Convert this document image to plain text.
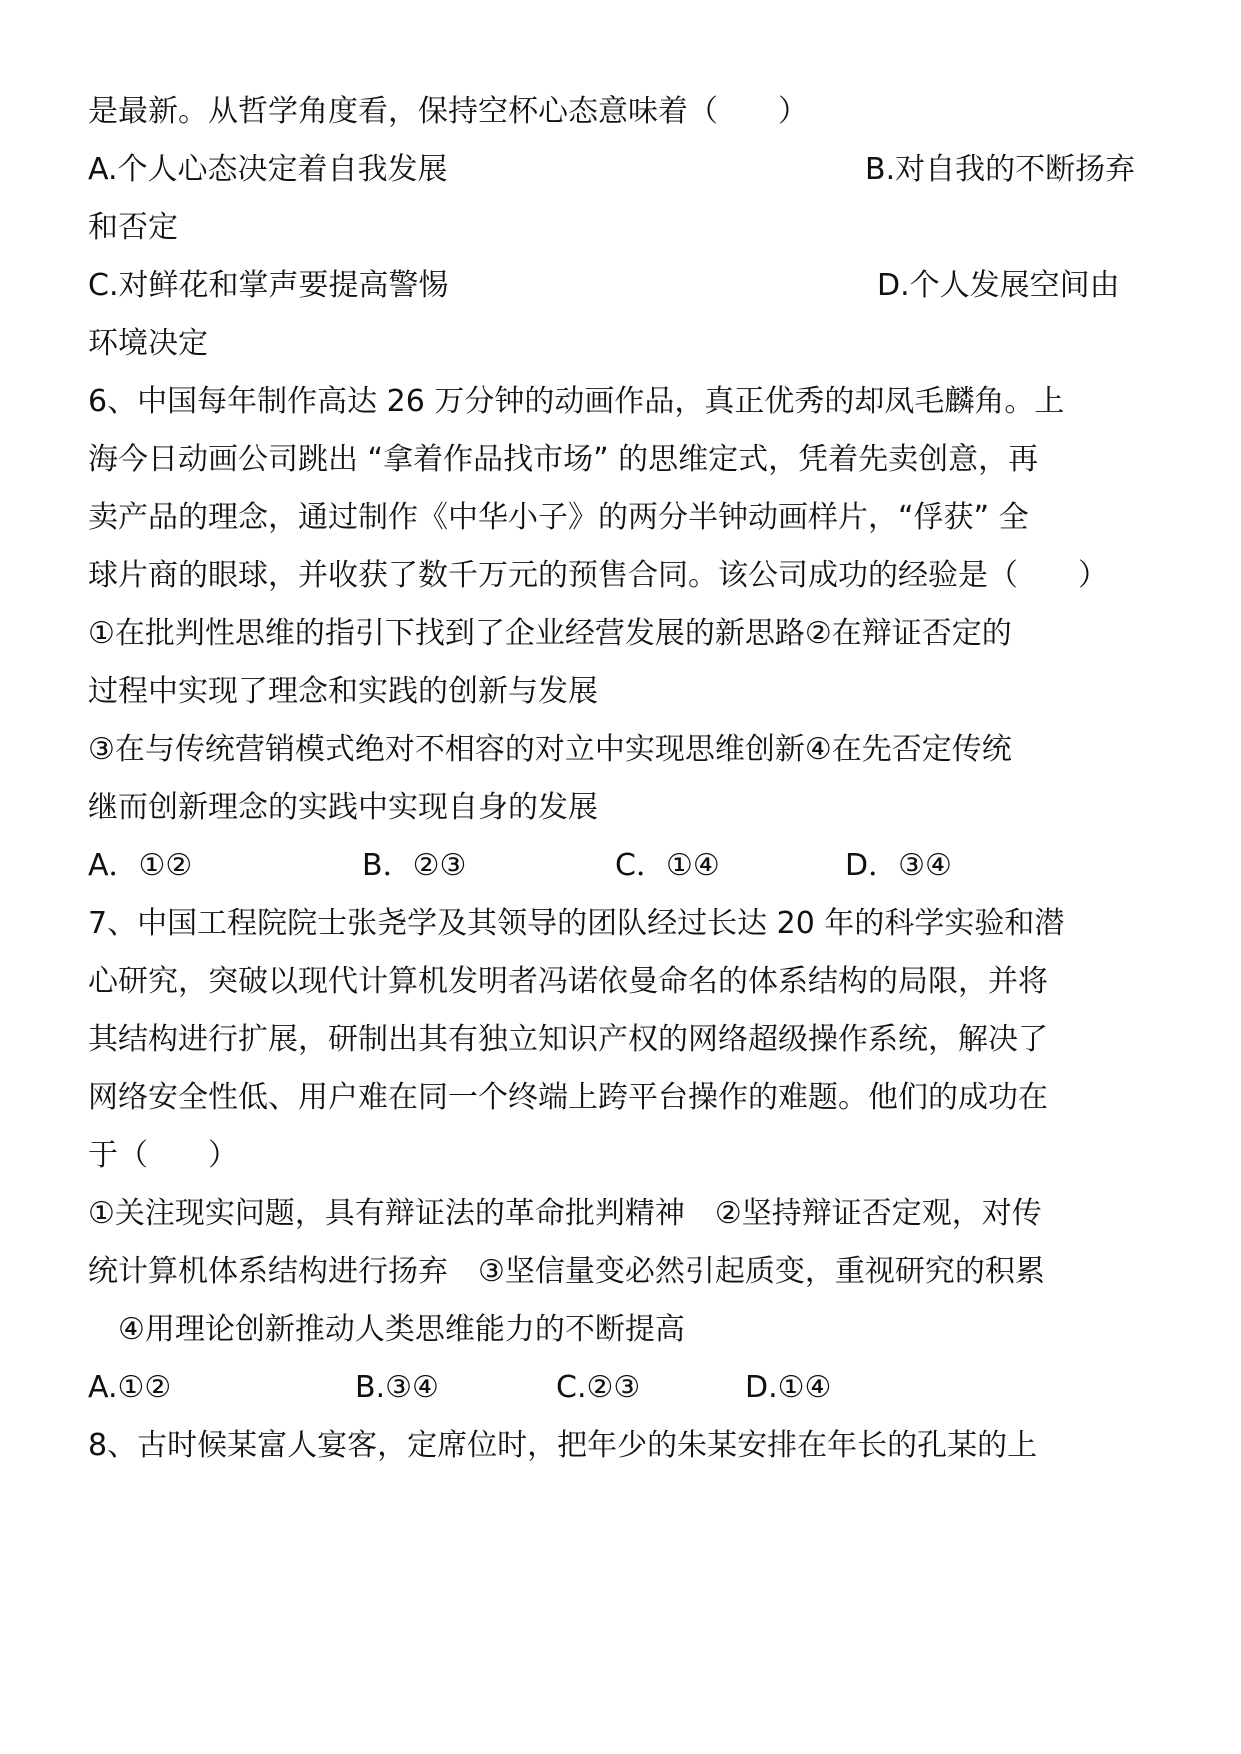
是最新。从哲学角度看，保持空杯心态意味着（　　）
A.个人心态决定着自我发展	B.对自我的不断扬弃
和否定
C.对鲜花和掌声要提高警惕	D.个人发展空间由
环境决定
6、中国每年制作高达 26 万分钟的动画作品，真正优秀的却凤毛麟角。上
海今日动画公司跳出 “拿着作品找市场” 的思维定式，凭着先卖创意，再
卖产品的理念，通过制作《中华小子》的两分半钟动画样片，“俘获” 全
球片商的眼球，并收获了数千万元的预售合同。该公司成功的经验是（　　）
①在批判性思维的指引下找到了企业经营发展的新思路②在辩证否定的
过程中实现了理念和实践的创新与发展
③在与传统营销模式绝对不相容的对立中实现思维创新④在先否定传统
继而创新理念的实践中实现自身的发展
A．①②	B．②③	C．①④	D．③④
7、中国工程院院士张尧学及其领导的团队经过长达 20 年的科学实验和潜
心研究，突破以现代计算机发明者冯诺依曼命名的体系结构的局限，并将
其结构进行扩展，研制出其有独立知识产权的网络超级操作系统，解决了
网络安全性低、用户难在同一个终端上跨平台操作的难题。他们的成功在
于（　　）
①关注现实问题，具有辩证法的革命批判精神　②坚持辩证否定观，对传
统计算机体系结构进行扬弃　③坚信量变必然引起质变，重视研究的积累
　④用理论创新推动人类思维能力的不断提高
A.①②	B.③④	C.②③	D.①④
8、古时候某富人宴客，定席位时，把年少的朱某安排在年长的孔某的上
